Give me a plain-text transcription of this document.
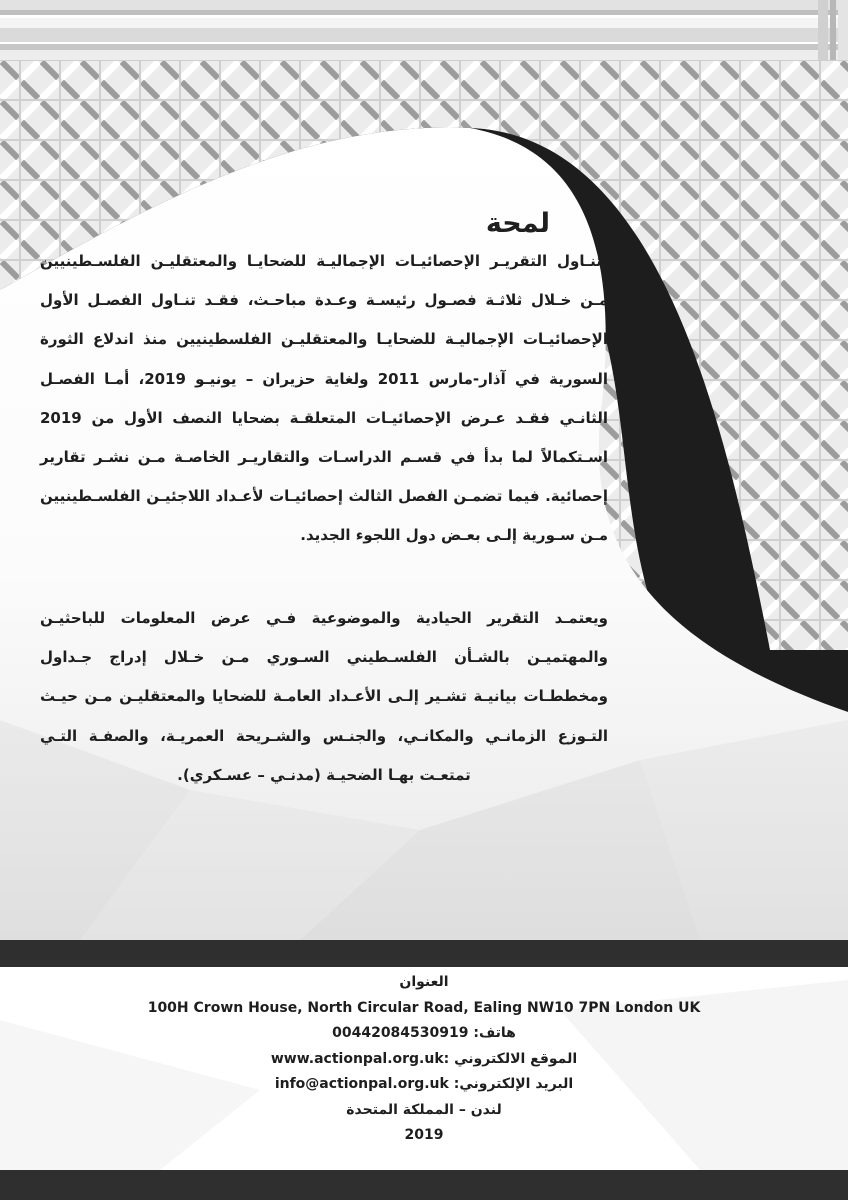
لمحة

يتنـاول التقريـر الإحصائيـات الإجماليـة للضحايـا والمعتقليـن الفلسـطينيين مـن خـلال ثلاثـة فصـول رئيسـة وعـدة مباحـث، فقـد تنـاول الفصـل الأول الإحصائيـات الإجماليـة للضحايـا والمعتقليـن الفلسطينيين منذ اندلاع الثورة السورية في آذار-مارس 2011 ولغاية حزيران – يونيـو 2019، أمـا الفصـل الثانـي فقـد عـرض الإحصائيـات المتعلقـة بضحايا النصف الأول من 2019 اسـتكمالاً لما بدأ في قسـم الدراسـات والتقاريـر الخاصـة مـن نشـر تقارير إحصائية. فيما تضمـن الفصل الثالث إحصائيـات لأعـداد اللاجئيـن الفلسـطينيين مـن سـورية إلـى بعـض دول اللجوء الجديد.

ويعتمـد التقرير الحيادية والموضوعية فـي عرض المعلومات للباحثيـن والمهتميـن بالشـأن الفلسـطيني السـوري مـن خـلال إدراج جـداول ومخططـات بيانيـة تشـير إلـى الأعـداد العامـة للضحايا والمعتقليـن مـن حيـث التـوزع الزمانـي والمكانـي، والجنـس والشـريحة العمريـة، والصفـة التـي تمتعـت بهـا الضحيـة (مدنـي – عسـكري).

العنوان
100H Crown House, North Circular Road, Ealing NW10 7PN London UK
هاتف: 00442084530919
الموقع الالكتروني :www.actionpal.org.uk
البريد الإلكتروني: info@actionpal.org.uk
لندن – المملكة المتحدة
2019
